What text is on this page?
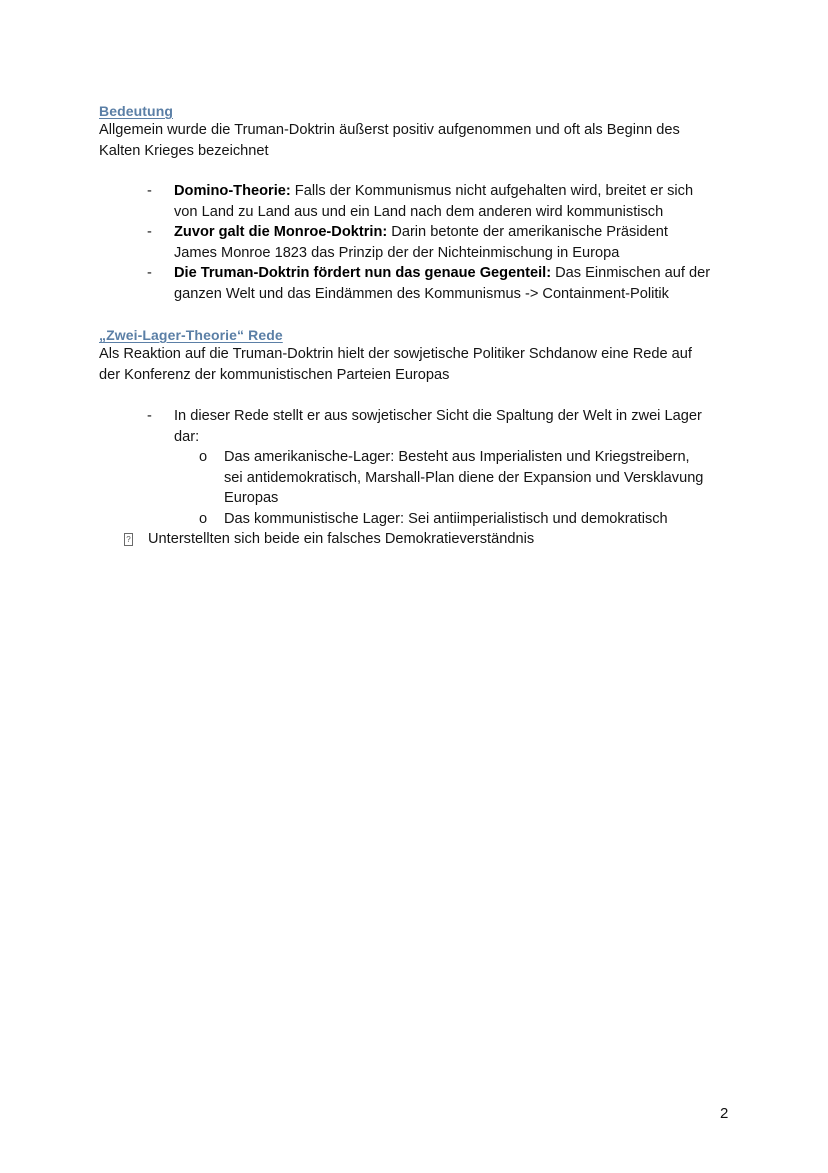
Bedeutung
Allgemein wurde die Truman-Doktrin äußerst positiv aufgenommen und oft als Beginn des
Kalten Krieges bezeichnet
- Domino-Theorie: Falls der Kommunismus nicht aufgehalten wird, breitet er sich
von Land zu Land aus und ein Land nach dem anderen wird kommunistisch
- Zuvor galt die Monroe-Doktrin: Darin betonte der amerikanische Präsident
James Monroe 1823 das Prinzip der der Nichteinmischung in Europa
- Die Truman-Doktrin fördert nun das genaue Gegenteil: Das Einmischen auf der
ganzen Welt und das Eindämmen des Kommunismus -> Containment-Politik
„Zwei-Lager-Theorie“ Rede
Als Reaktion auf die Truman-Doktrin hielt der sowjetische Politiker Schdanow eine Rede auf
der Konferenz der kommunistischen Parteien Europas
- In dieser Rede stellt er aus sowjetischer Sicht die Spaltung der Welt in zwei Lager
dar:
o Das amerikanische-Lager: Besteht aus Imperialisten und Kriegstreibern,
sei antidemokratisch, Marshall-Plan diene der Expansion und Versklavung
Europas
o Das kommunistische Lager: Sei antiimperialistisch und demokratisch
? Unterstellten sich beide ein falsches Demokratieverständnis
2
